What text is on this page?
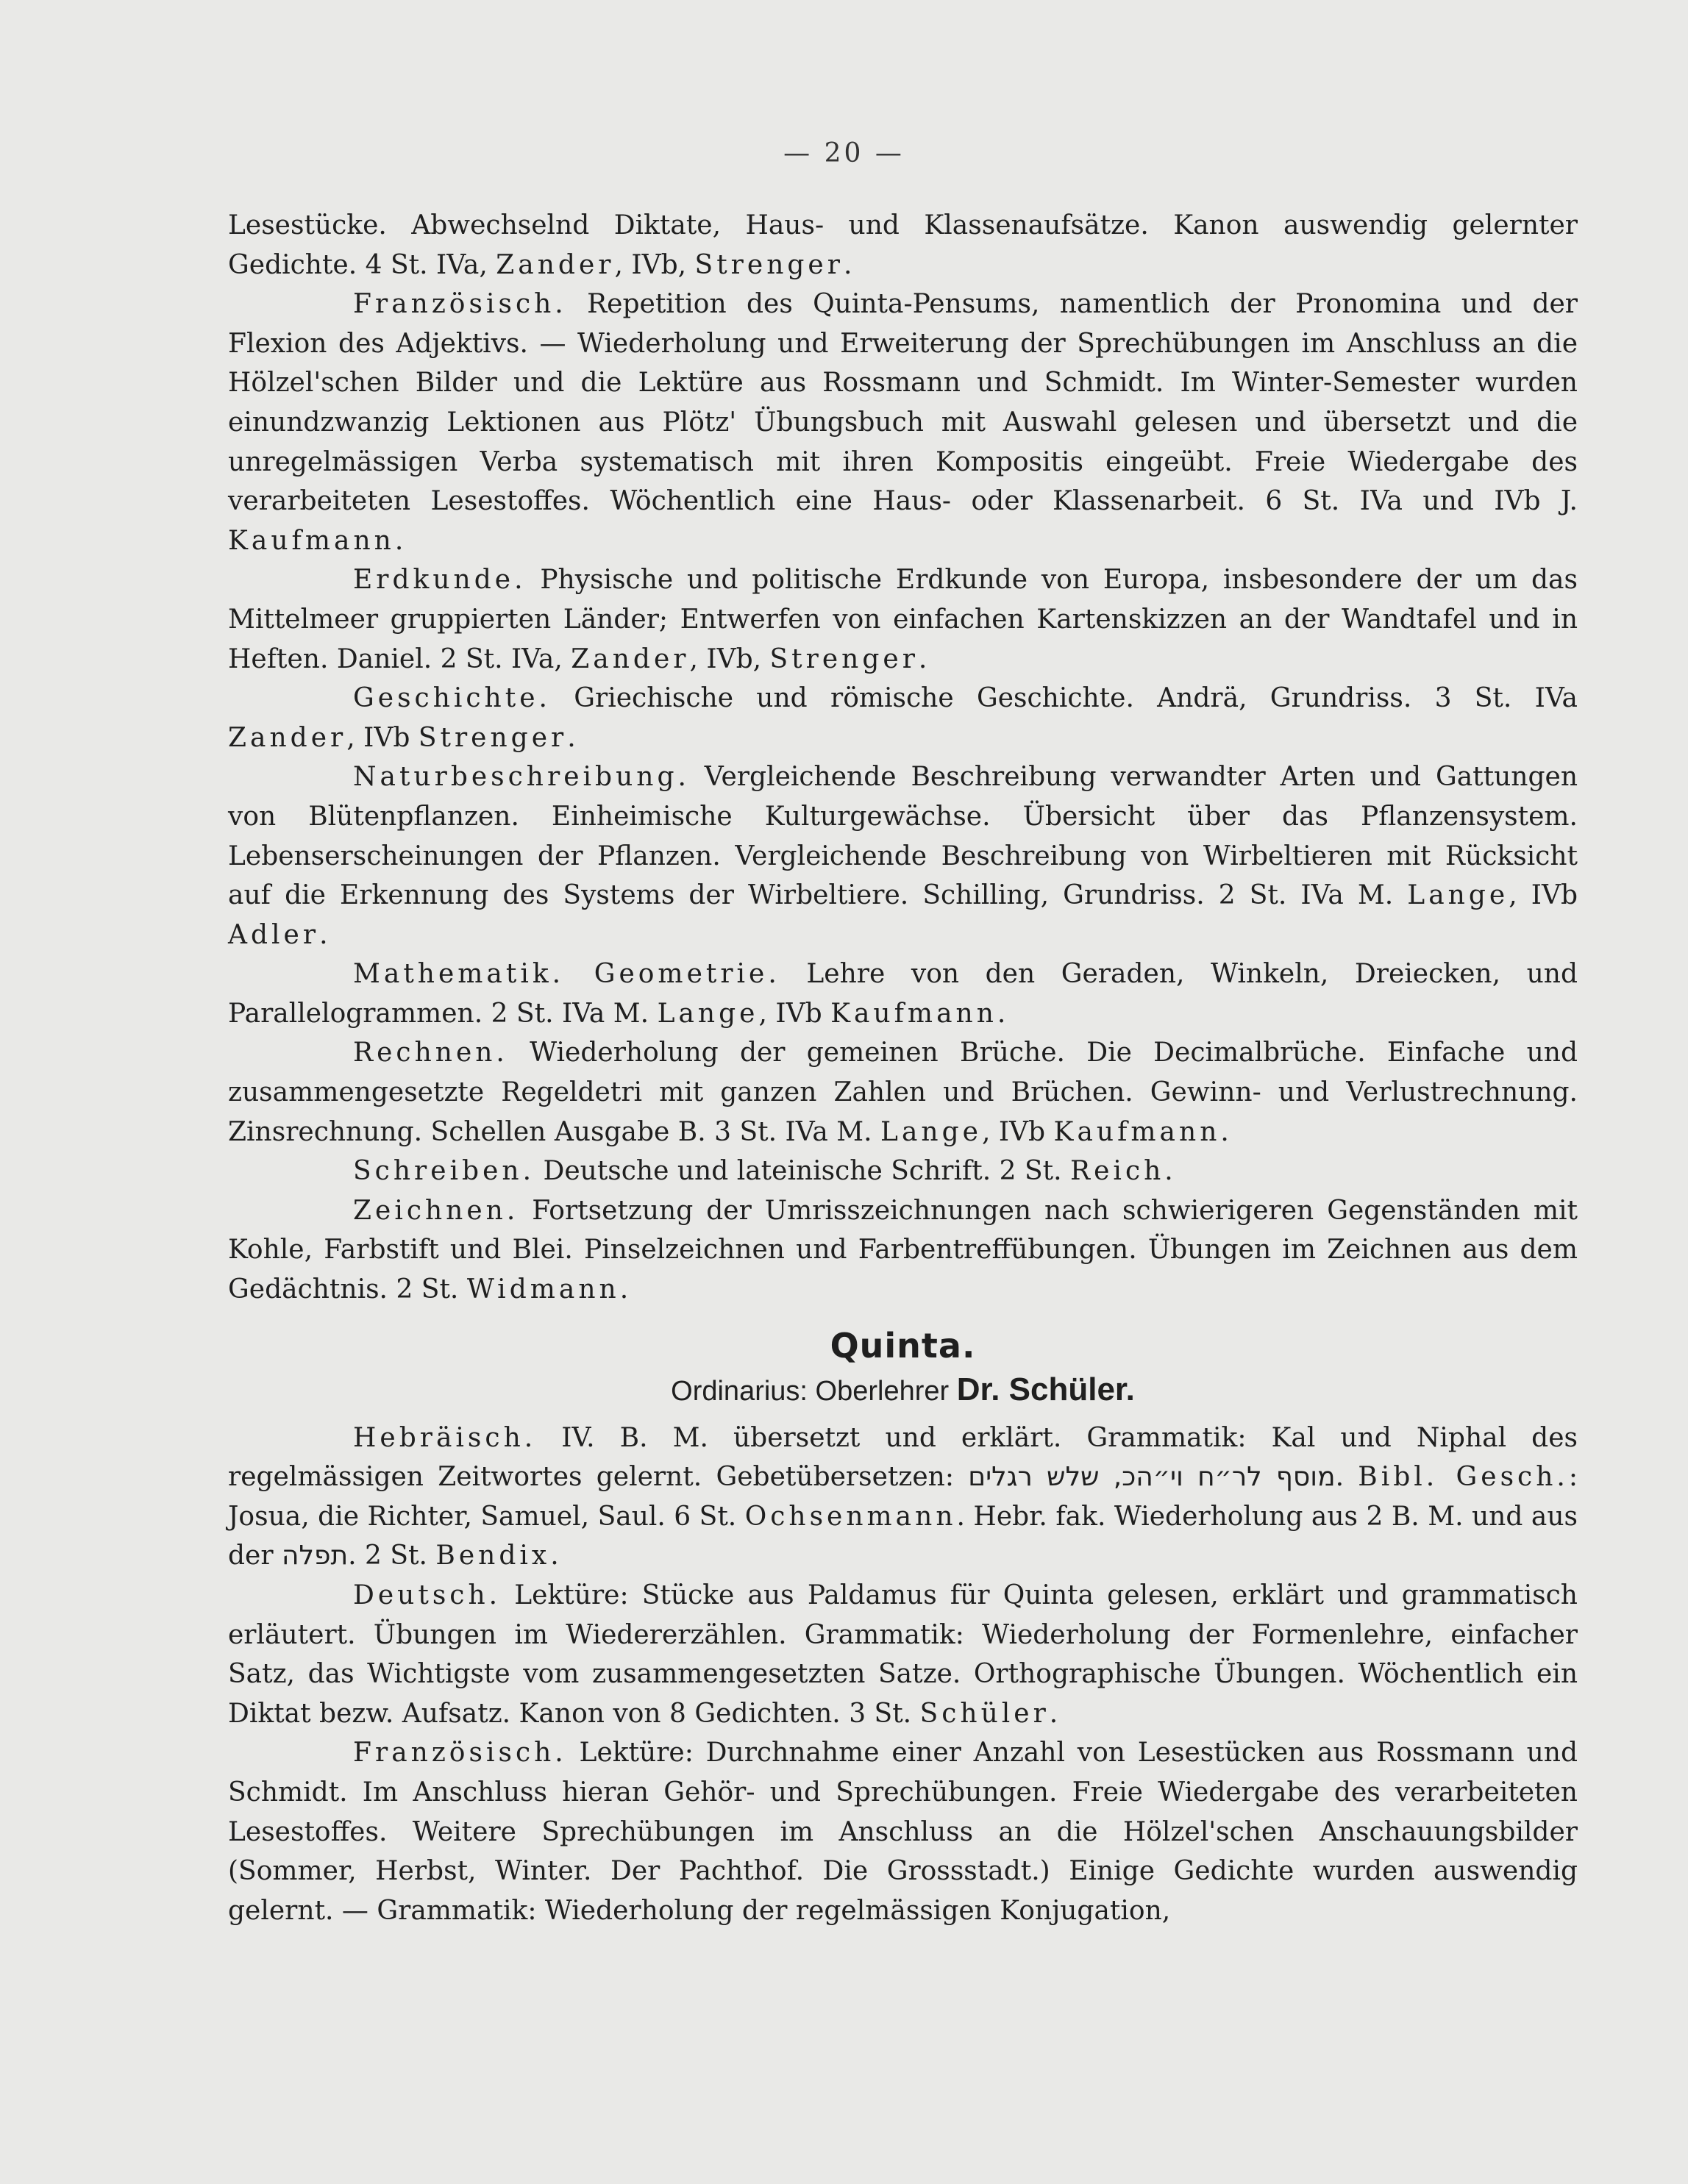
— 20 —

Lesestücke. Abwechselnd Diktate, Haus- und Klassenaufsätze. Kanon auswendig gelernter Gedichte. 4 St. IVa, Zander, IVb, Strenger.

Französisch. Repetition des Quinta-Pensums, namentlich der Pronomina und der Flexion des Adjektivs. — Wiederholung und Erweiterung der Sprechübungen im Anschluss an die Hölzel'schen Bilder und die Lektüre aus Rossmann und Schmidt. Im Winter-Semester wurden einundzwanzig Lektionen aus Plötz' Übungsbuch mit Auswahl gelesen und übersetzt und die unregelmässigen Verba systematisch mit ihren Kompositis eingeübt. Freie Wiedergabe des verarbeiteten Lesestoffes. Wöchentlich eine Haus- oder Klassenarbeit. 6 St. IVa und IVb J. Kaufmann.

Erdkunde. Physische und politische Erdkunde von Europa, insbesondere der um das Mittelmeer gruppierten Länder; Entwerfen von einfachen Kartenskizzen an der Wandtafel und in Heften. Daniel. 2 St. IVa, Zander, IVb, Strenger.

Geschichte. Griechische und römische Geschichte. Andrä, Grundriss. 3 St. IVa Zander, IVb Strenger.

Naturbeschreibung. Vergleichende Beschreibung verwandter Arten und Gattungen von Blütenpflanzen. Einheimische Kulturgewächse. Übersicht über das Pflanzensystem. Lebenserscheinungen der Pflanzen. Vergleichende Beschreibung von Wirbeltieren mit Rücksicht auf die Erkennung des Systems der Wirbeltiere. Schilling, Grundriss. 2 St. IVa M. Lange, IVb Adler.

Mathematik. Geometrie. Lehre von den Geraden, Winkeln, Dreiecken, und Parallelogrammen. 2 St. IVa M. Lange, IVb Kaufmann.

Rechnen. Wiederholung der gemeinen Brüche. Die Decimalbrüche. Einfache und zusammengesetzte Regeldetri mit ganzen Zahlen und Brüchen. Gewinn- und Verlustrechnung. Zinsrechnung. Schellen Ausgabe B. 3 St. IVa M. Lange, IVb Kaufmann.

Schreiben. Deutsche und lateinische Schrift. 2 St. Reich.

Zeichnen. Fortsetzung der Umrisszeichnungen nach schwierigeren Gegenständen mit Kohle, Farbstift und Blei. Pinselzeichnen und Farbentreffübungen. Übungen im Zeichnen aus dem Gedächtnis. 2 St. Widmann.

Quinta.
Ordinarius: Oberlehrer Dr. Schüler.

Hebräisch. IV. B. M. übersetzt und erklärt. Grammatik: Kal und Niphal des regelmässigen Zeitwortes gelernt. Gebetübersetzen: מוסף לר״ח וי״הכ, שלש רגלים. Bibl. Gesch.: Josua, die Richter, Samuel, Saul. 6 St. Ochsenmann. Hebr. fak. Wiederholung aus 2 B. M. und aus der תפלה. 2 St. Bendix.

Deutsch. Lektüre: Stücke aus Paldamus für Quinta gelesen, erklärt und grammatisch erläutert. Übungen im Wiedererzählen. Grammatik: Wiederholung der Formenlehre, einfacher Satz, das Wichtigste vom zusammengesetzten Satze. Orthographische Übungen. Wöchentlich ein Diktat bezw. Aufsatz. Kanon von 8 Gedichten. 3 St. Schüler.

Französisch. Lektüre: Durchnahme einer Anzahl von Lesestücken aus Rossmann und Schmidt. Im Anschluss hieran Gehör- und Sprechübungen. Freie Wiedergabe des verarbeiteten Lesestoffes. Weitere Sprechübungen im Anschluss an die Hölzel'schen Anschauungsbilder (Sommer, Herbst, Winter. Der Pachthof. Die Grossstadt.) Einige Gedichte wurden auswendig gelernt. — Grammatik: Wiederholung der regelmässigen Konjugation,
